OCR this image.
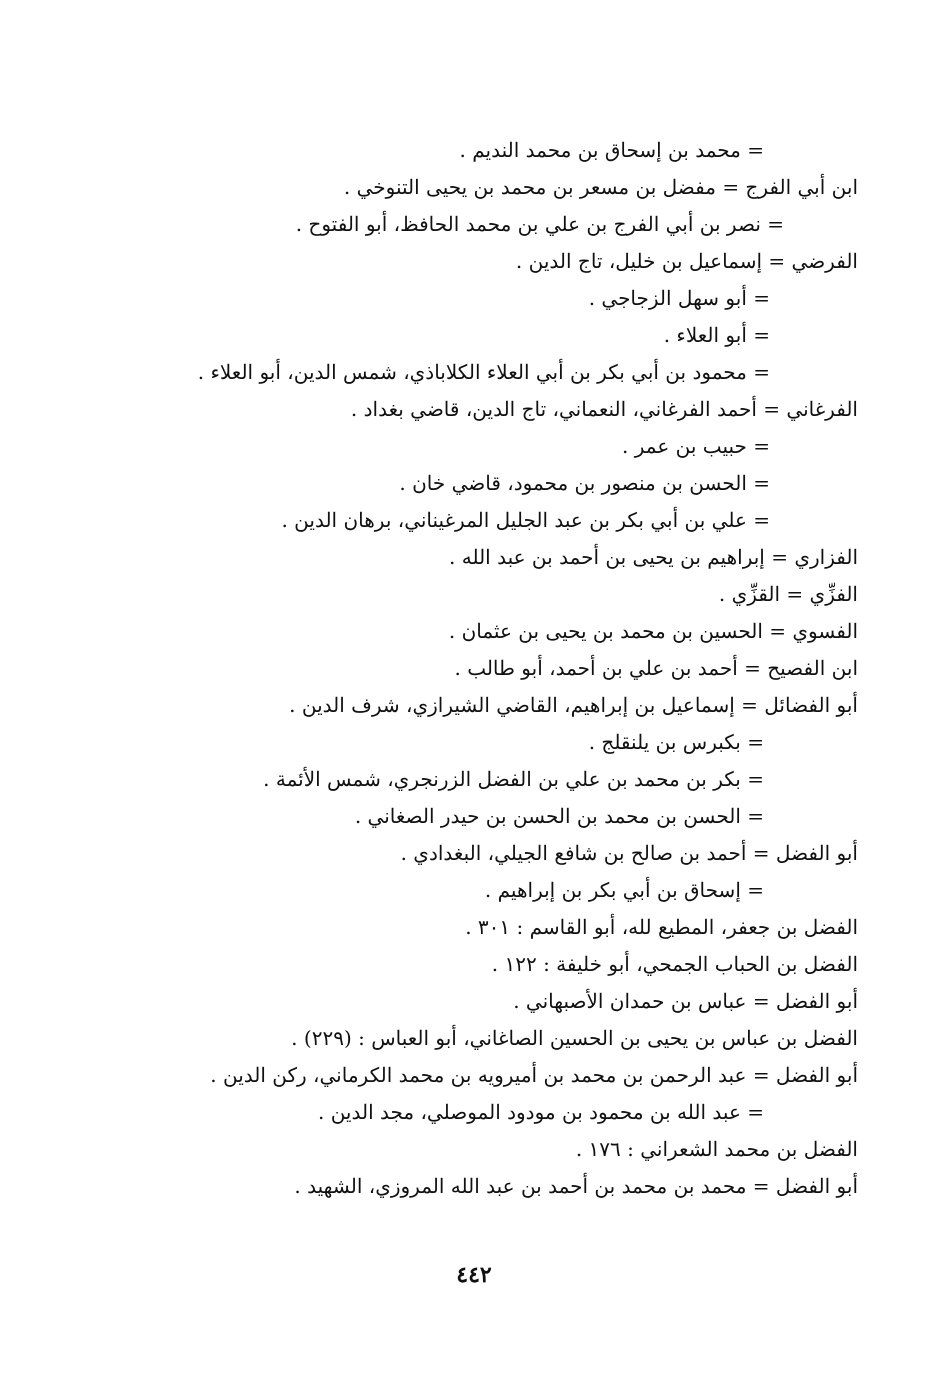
= محمد بن إسحاق بن محمد النديم .
ابن أبي الفرج = مفضل بن مسعر بن محمد بن يحيى التنوخي .
= نصر بن أبي الفرج بن علي بن محمد الحافظ، أبو الفتوح .
الفرضي = إسماعيل بن خليل، تاج الدين .
= أبو سهل الزجاجي .
= أبو العلاء .
= محمود بن أبي بكر بن أبي العلاء الكلاباذي، شمس الدين، أبو العلاء .
الفرغاني = أحمد الفرغاني، النعماني، تاج الدين، قاضي بغداد .
= حبيب بن عمر .
= الحسن بن منصور بن محمود، قاضي خان .
= علي بن أبي بكر بن عبد الجليل المرغيناني، برهان الدين .
الفزاري = إبراهيم بن يحيى بن أحمد بن عبد الله .
الفزِّي = القزِّي .
الفسوي = الحسين بن محمد بن يحيى بن عثمان .
ابن الفصيح = أحمد بن علي بن أحمد، أبو طالب .
أبو الفضائل = إسماعيل بن إبراهيم، القاضي الشيرازي، شرف الدين .
= بكبرس بن يلنقلج .
= بكر بن محمد بن علي بن الفضل الزرنجري، شمس الأئمة .
= الحسن بن محمد بن الحسن بن حيدر الصغاني .
أبو الفضل = أحمد بن صالح بن شافع الجيلي، البغدادي .
= إسحاق بن أبي بكر بن إبراهيم .
الفضل بن جعفر، المطيع لله، أبو القاسم : ٣٠١ .
الفضل بن الحباب الجمحي، أبو خليفة : ١٢٢ .
أبو الفضل = عباس بن حمدان الأصبهاني .
الفضل بن عباس بن يحيى بن الحسين الصاغاني، أبو العباس : (٢٢٩) .
أبو الفضل = عبد الرحمن بن محمد بن أميرويه بن محمد الكرماني، ركن الدين .
= عبد الله بن محمود بن مودود الموصلي، مجد الدين .
الفضل بن محمد الشعراني : ١٧٦ .
أبو الفضل = محمد بن محمد بن أحمد بن عبد الله المروزي، الشهيد .
٤٤٢
